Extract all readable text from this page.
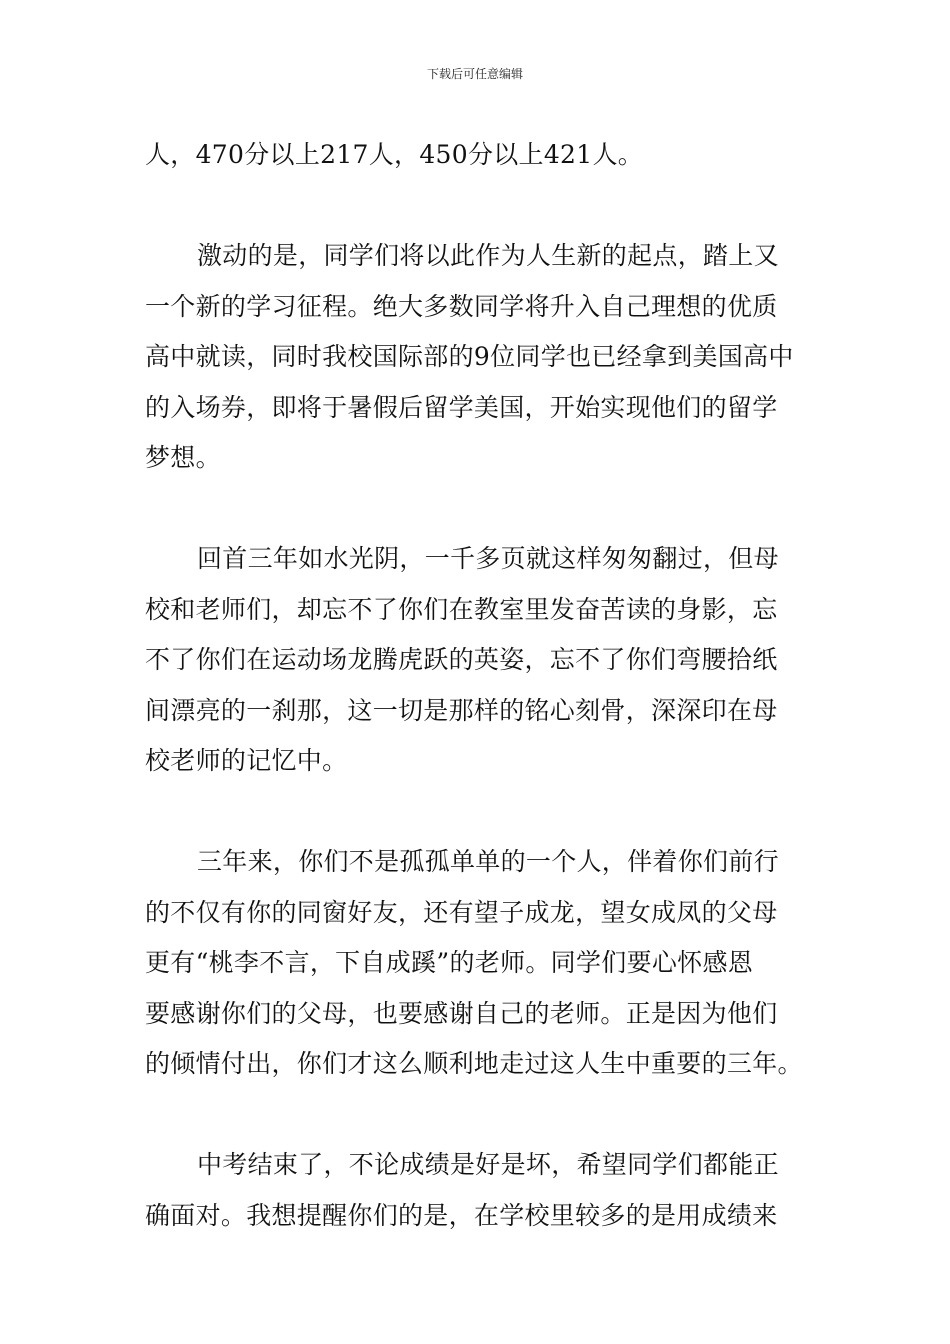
下载后可任意编辑

人，470分以上217人，450分以上421人。

激动的是，同学们将以此作为人生新的起点，踏上又
一个新的学习征程。绝大多数同学将升入自己理想的优质
高中就读，同时我校国际部的9位同学也已经拿到美国高中
的入场券，即将于暑假后留学美国，开始实现他们的留学
梦想。

回首三年如水光阴，一千多页就这样匆匆翻过，但母
校和老师们，却忘不了你们在教室里发奋苦读的身影，忘
不了你们在运动场龙腾虎跃的英姿，忘不了你们弯腰拾纸
间漂亮的一刹那，这一切是那样的铭心刻骨，深深印在母
校老师的记忆中。

三年来，你们不是孤孤单单的一个人，伴着你们前行
的不仅有你的同窗好友，还有望子成龙，望女成凤的父母
更有“桃李不言，下自成蹊”的老师。同学们要心怀感恩
要感谢你们的父母，也要感谢自己的老师。正是因为他们
的倾情付出，你们才这么顺利地走过这人生中重要的三年。

中考结束了，不论成绩是好是坏，希望同学们都能正
确面对。我想提醒你们的是，在学校里较多的是用成绩来
